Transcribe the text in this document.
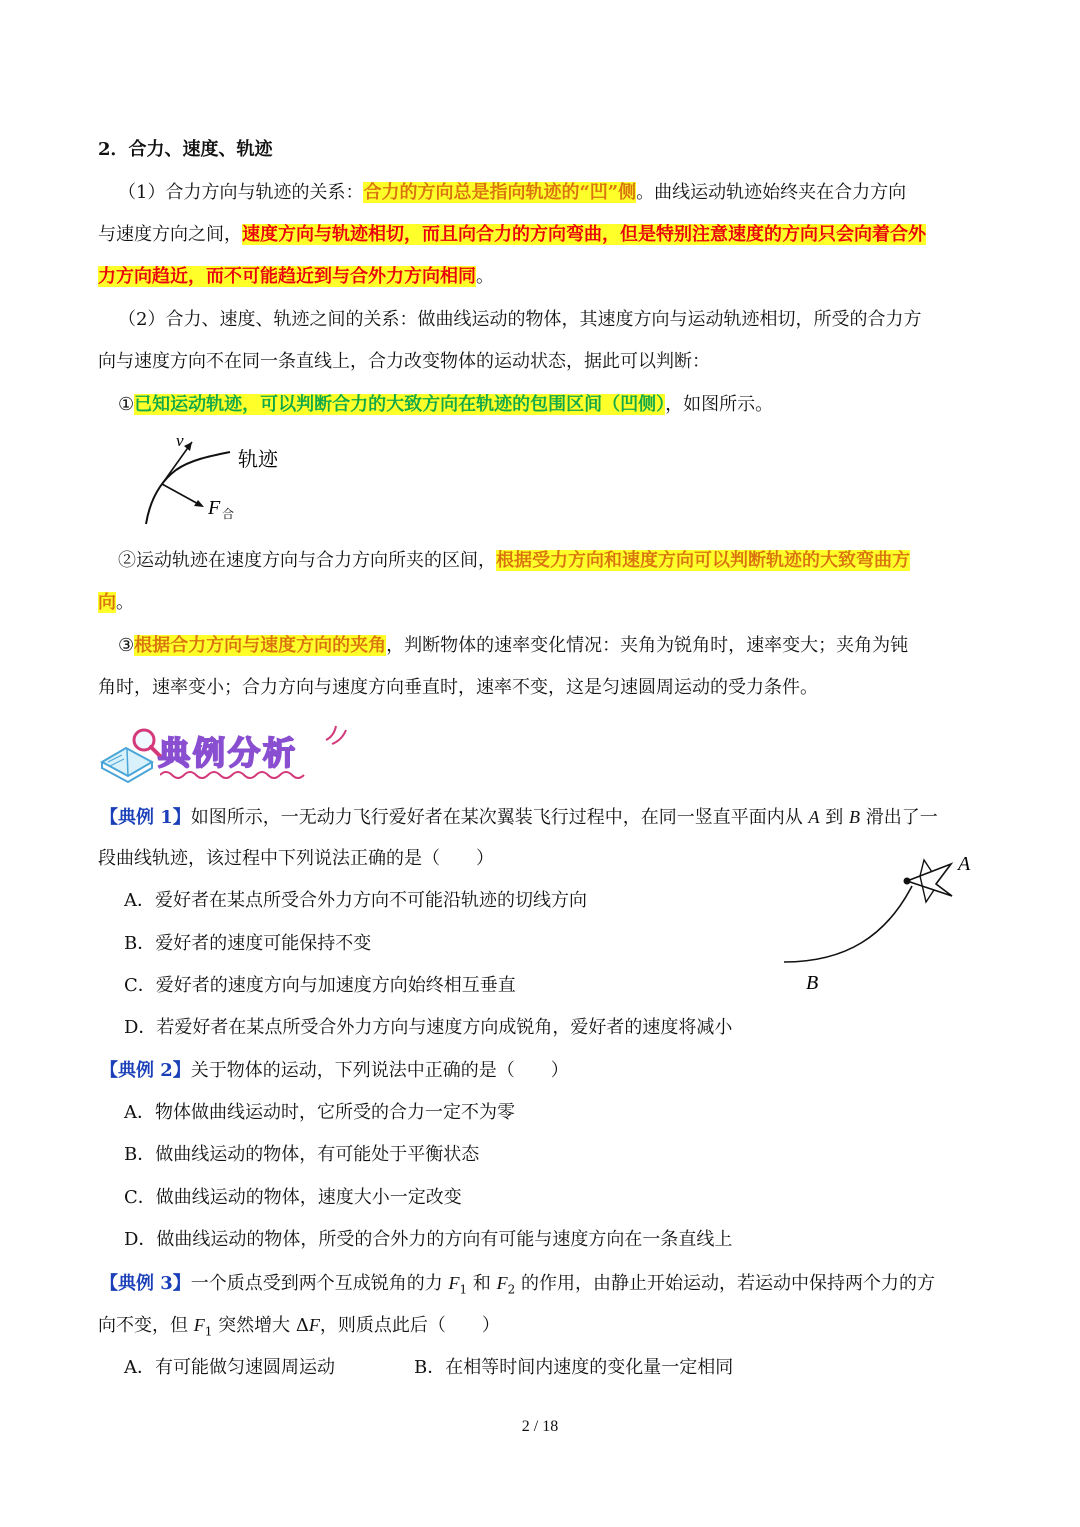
2．合力、速度、轨迹
（1）合力方向与轨迹的关系：合力的方向总是指向轨迹的“凹”侧。曲线运动轨迹始终夹在合力方向
与速度方向之间，速度方向与轨迹相切，而且向合力的方向弯曲，但是特别注意速度的方向只会向着合外
力方向趋近，而不可能趋近到与合外力方向相同。
（2）合力、速度、轨迹之间的关系：做曲线运动的物体，其速度方向与运动轨迹相切，所受的合力方
向与速度方向不在同一条直线上，合力改变物体的运动状态，据此可以判断：
①已知运动轨迹，可以判断合力的大致方向在轨迹的包围区间（凹侧），如图所示。
v
轨迹
F 合
②运动轨迹在速度方向与合力方向所夹的区间，根据受力方向和速度方向可以判断轨迹的大致弯曲方
向。
③根据合力方向与速度方向的夹角，判断物体的速率变化情况：夹角为锐角时，速率变大；夹角为钝
角时，速率变小；合力方向与速度方向垂直时，速率不变，这是匀速圆周运动的受力条件。
典例分析
【典例 1】如图所示，一无动力飞行爱好者在某次翼装飞行过程中，在同一竖直平面内从 A 到 B 滑出了一
段曲线轨迹，该过程中下列说法正确的是（　　）
A．爱好者在某点所受合外力方向不可能沿轨迹的切线方向
B．爱好者的速度可能保持不变
C．爱好者的速度方向与加速度方向始终相互垂直
D．若爱好者在某点所受合外力方向与速度方向成锐角，爱好者的速度将减小
A
B
【典例 2】关于物体的运动，下列说法中正确的是（　　）
A．物体做曲线运动时，它所受的合力一定不为零
B．做曲线运动的物体，有可能处于平衡状态
C．做曲线运动的物体，速度大小一定改变
D．做曲线运动的物体，所受的合外力的方向有可能与速度方向在一条直线上
【典例 3】一个质点受到两个互成锐角的力 $F_1$ 和 $F_2$ 的作用，由静止开始运动，若运动中保持两个力的方
向不变，但 $F_1$ 突然增大 ΔF，则质点此后（　　）
A．有可能做匀速圆周运动	B．在相等时间内速度的变化量一定相同
2 / 18
